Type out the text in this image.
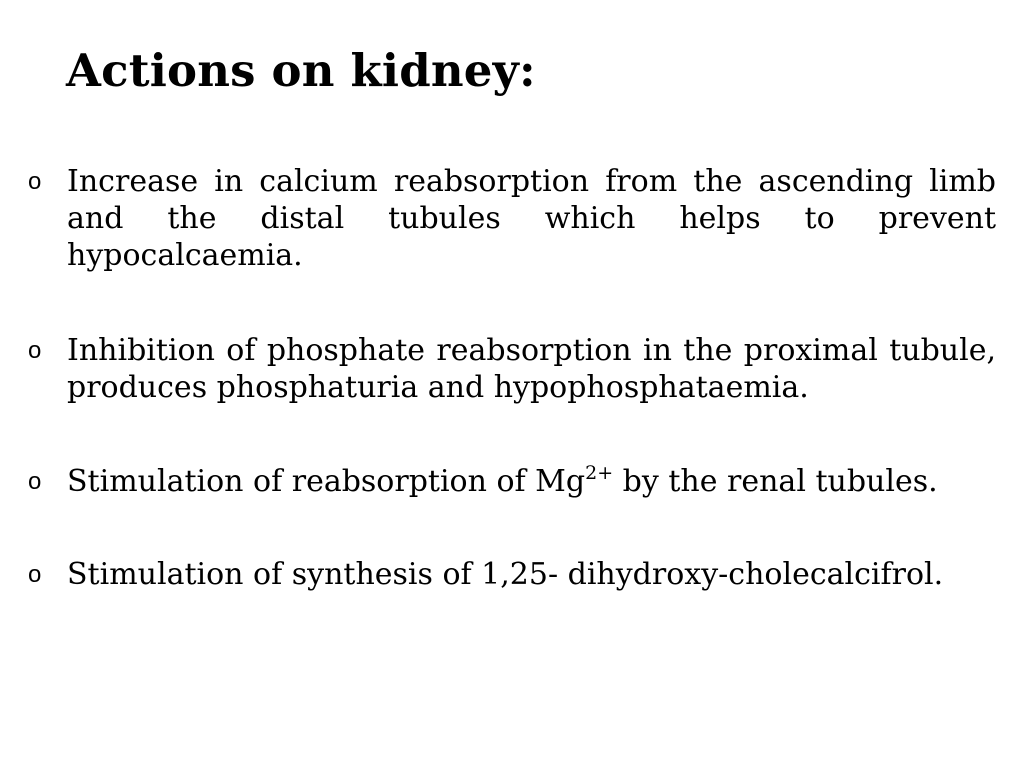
Actions on kidney:
o Increase in calcium reabsorption from the ascending limb and the distal tubules which helps to prevent hypocalcaemia.
o Inhibition of phosphate reabsorption in the proximal tubule, produces phosphaturia and hypophosphataemia.
o Stimulation of reabsorption of $Mg^{2+}$ by the renal tubules.
o Stimulation of synthesis of 1,25- dihydroxy-cholecalcifrol.
